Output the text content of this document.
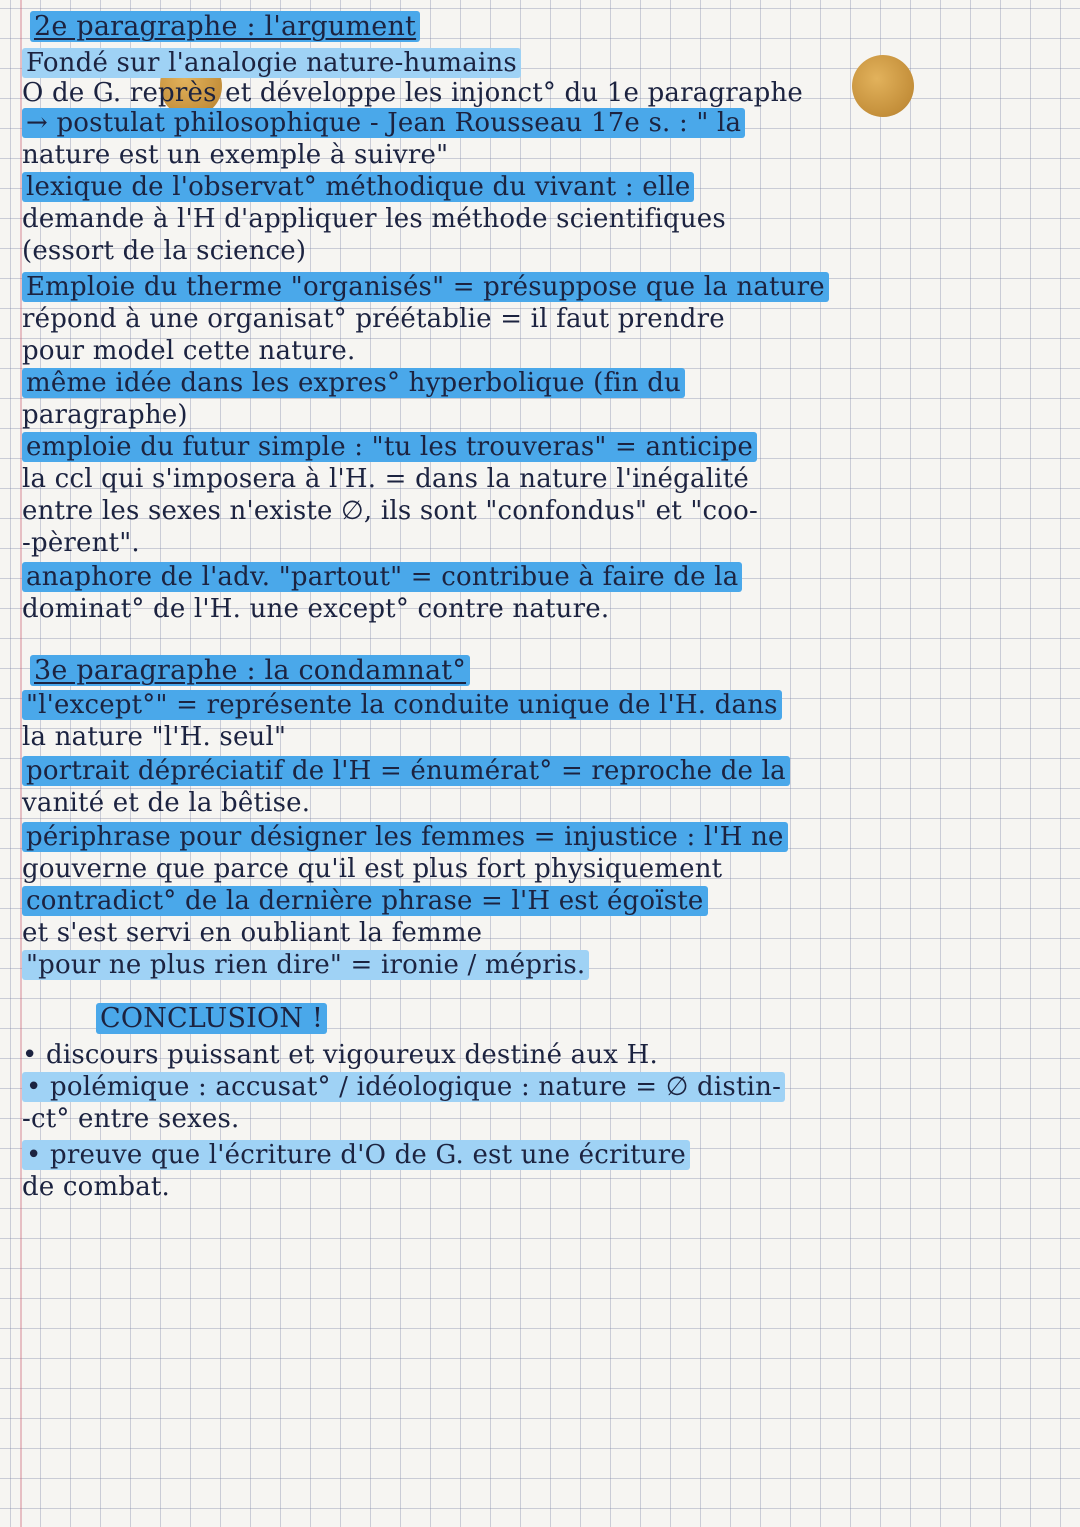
2e paragraphe : l'argument
Fondé sur l'analogie nature-humains
O de G. reprès et développe les injonct° du 1e paragraphe
→ postulat philosophique - Jean Rousseau 17e s. : " la
nature est un exemple à suivre"
lexique de l'observat° méthodique du vivant : elle
demande à l'H d'appliquer les méthode scientifiques
(essort de la science)
Emploie du therme "organisés" = présuppose que la nature
répond à une organisat° préétablie = il faut prendre
pour model cette nature.
même idée dans les expres° hyperbolique (fin du
paragraphe)
emploie du futur simple : "tu les trouveras" = anticipe
la ccl qui s'imposera à l'H. = dans la nature l'inégalité
entre les sexes n'existe ∅, ils sont "confondus" et "coo-
-pèrent".
anaphore de l'adv. "partout" = contribue à faire de la
dominat° de l'H. une except° contre nature.
3e paragraphe : la condamnat°
"l'except°" = représente la conduite unique de l'H. dans
la nature "l'H. seul"
portrait dépréciatif de l'H = énumérat° = reproche de la
vanité et de la bêtise.
périphrase pour désigner les femmes = injustice : l'H ne
gouverne que parce qu'il est plus fort physiquement
contradict° de la dernière phrase = l'H est égoïste
et s'est servi en oubliant la femme
"pour ne plus rien dire" = ironie / mépris.
CONCLUSION !
• discours puissant et vigoureux destiné aux H.
• polémique : accusat° / idéologique : nature = ∅ distin-
-ct° entre sexes.
• preuve que l'écriture d'O de G. est une écriture
de combat.
